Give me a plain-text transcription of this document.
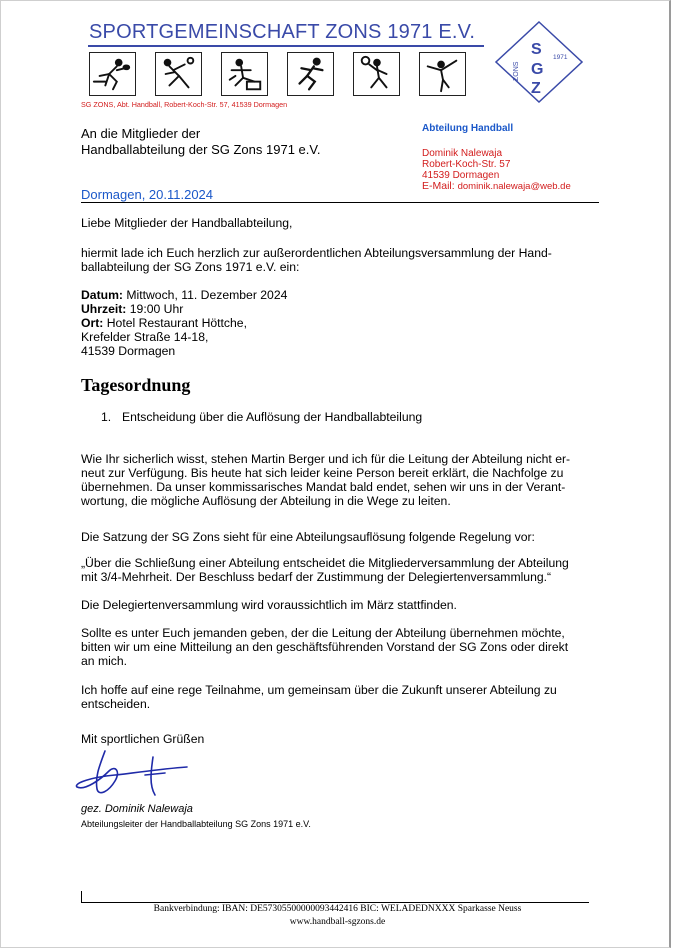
SPORTGEMEINSCHAFT ZONS 1971 E.V.
SG ZONS, Abt. Handball, Robert-Koch-Str. 57, 41539 Dormagen
S
G
Z
ZONS
1971
An die Mitglieder der
Handballabteilung der SG Zons 1971 e.V.
Abteilung Handball
Dominik Nalewaja
Robert-Koch-Str. 57
41539 Dormagen
E-Mail: dominik.nalewaja@web.de
Dormagen, 20.11.2024

Liebe Mitglieder der Handballabteilung,

hiermit lade ich Euch herzlich zur außerordentlichen Abteilungsversammlung der Hand-ballabteilung der SG Zons 1971 e.V. ein:

Datum: Mittwoch, 11. Dezember 2024
Uhrzeit: 19:00 Uhr
Ort: Hotel Restaurant Höttche,
Krefelder Straße 14-18,
41539 Dormagen

Wie Ihr sicherlich wisst, stehen Martin Berger und ich für die Leitung der Abteilung nicht er-neut zur Verfügung. Bis heute hat sich leider keine Person bereit erklärt, die Nachfolge zu übernehmen. Da unser kommissarisches Mandat bald endet, sehen wir uns in der Verant-wortung, die mögliche Auflösung der Abteilung in die Wege zu leiten.

Die Satzung der SG Zons sieht für eine Abteilungsauflösung folgende Regelung vor:

„Über die Schließung einer Abteilung entscheidet die Mitgliederversammlung der Abteilung mit 3/4-Mehrheit. Der Beschluss bedarf der Zustimmung der Delegiertenversammlung.“

Die Delegiertenversammlung wird voraussichtlich im März stattfinden.

Sollte es unter Euch jemanden geben, der die Leitung der Abteilung übernehmen möchte, bitten wir um eine Mitteilung an den geschäftsführenden Vorstand der SG Zons oder direkt an mich.

Ich hoffe auf eine rege Teilnahme, um gemeinsam über die Zukunft unserer Abteilung zu entscheiden.

Mit sportlichen Grüßen

Tagesordnung
1. Entscheidung über die Auflösung der Handballabteilung
gez. Dominik Nalewaja
Abteilungsleiter der Handballabteilung SG Zons 1971 e.V.
Bankverbindung: IBAN: DE57305500000093442416 BIC: WELADEDNXXX Sparkasse Neuss
www.handball-sgzons.de
